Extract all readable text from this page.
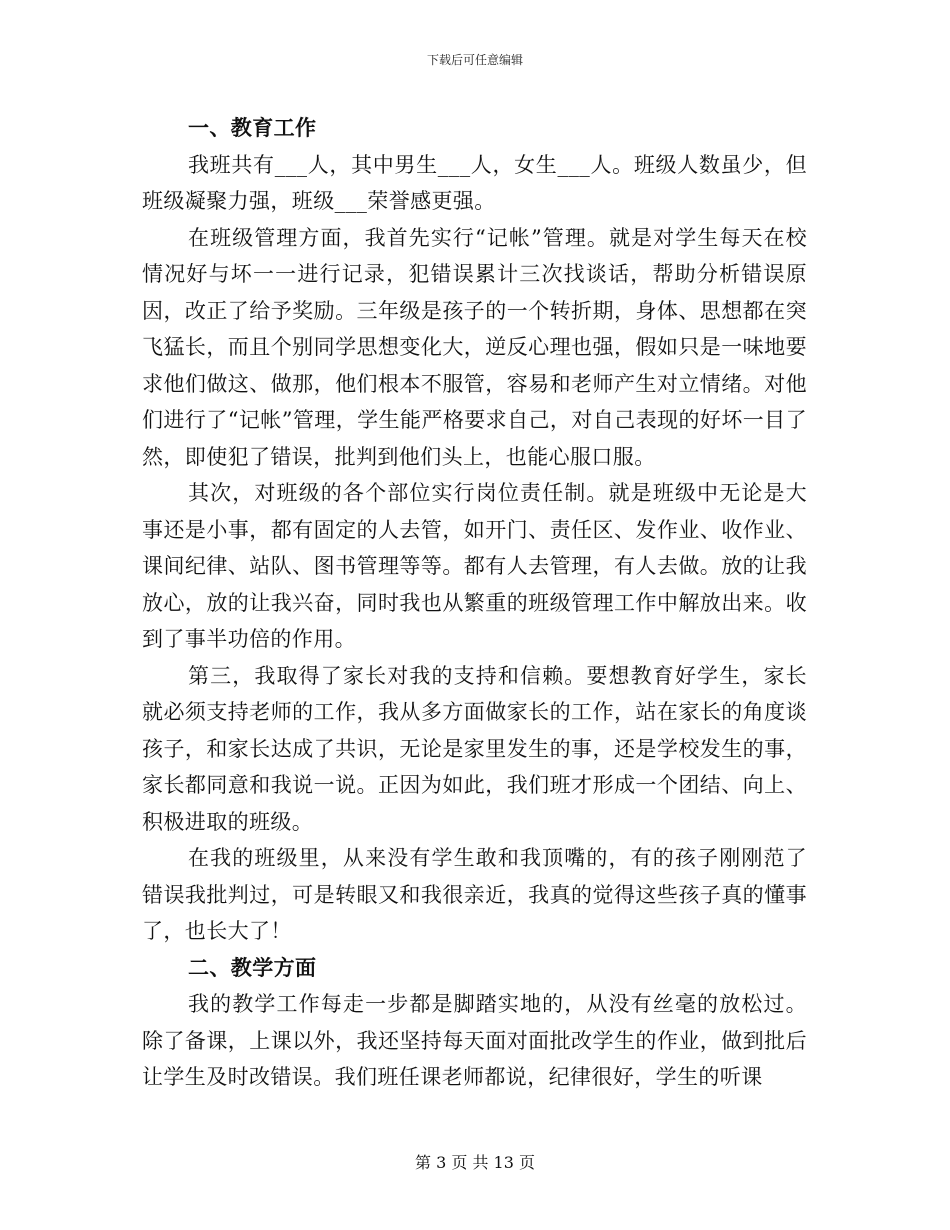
下载后可任意编辑

一、教育工作

我班共有___人，其中男生___人，女生___人。班级人数虽少，但班级凝聚力强，班级___荣誉感更强。

在班级管理方面，我首先实行“记帐”管理。就是对学生每天在校情况好与坏一一进行记录，犯错误累计三次找谈话，帮助分析错误原因，改正了给予奖励。三年级是孩子的一个转折期，身体、思想都在突飞猛长，而且个别同学思想变化大，逆反心理也强，假如只是一味地要求他们做这、做那，他们根本不服管，容易和老师产生对立情绪。对他们进行了“记帐”管理，学生能严格要求自己，对自己表现的好坏一目了然，即使犯了错误，批判到他们头上，也能心服口服。

其次，对班级的各个部位实行岗位责任制。就是班级中无论是大事还是小事，都有固定的人去管，如开门、责任区、发作业、收作业、课间纪律、站队、图书管理等等。都有人去管理，有人去做。放的让我放心，放的让我兴奋，同时我也从繁重的班级管理工作中解放出来。收到了事半功倍的作用。

第三，我取得了家长对我的支持和信赖。要想教育好学生，家长就必须支持老师的工作，我从多方面做家长的工作，站在家长的角度谈孩子，和家长达成了共识，无论是家里发生的事，还是学校发生的事，家长都同意和我说一说。正因为如此，我们班才形成一个团结、向上、积极进取的班级。

在我的班级里，从来没有学生敢和我顶嘴的，有的孩子刚刚范了错误我批判过，可是转眼又和我很亲近，我真的觉得这些孩子真的懂事了，也长大了！

二、教学方面

我的教学工作每走一步都是脚踏实地的，从没有丝毫的放松过。除了备课，上课以外，我还坚持每天面对面批改学生的作业，做到批后让学生及时改错误。我们班任课老师都说，纪律很好，学生的听课

第 3 页 共 13 页
